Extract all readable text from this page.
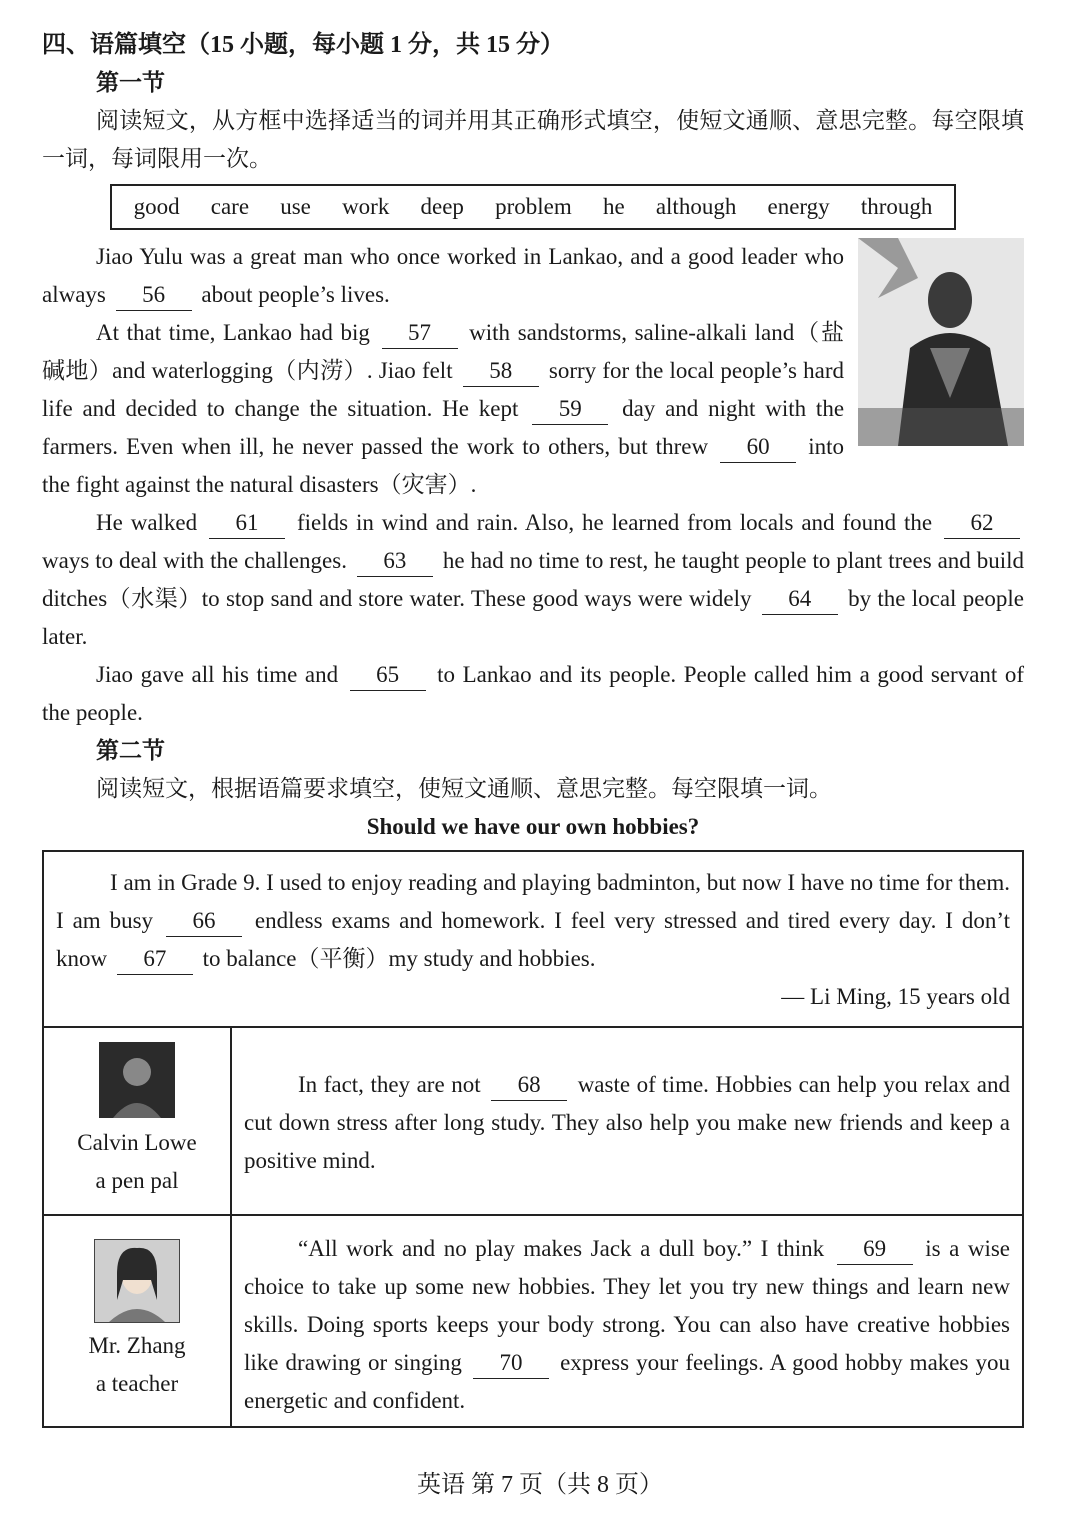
四、语篇填空（15 小题，每小题 1 分，共 15 分）
第一节
阅读短文，从方框中选择适当的词并用其正确形式填空，使短文通顺、意思完整。每空限填一词，每词限用一次。
good care use work deep problem he although energy through

Jiao Yulu was a great man who once worked in Lankao, and a good leader who always 56 about people’s lives.

At that time, Lankao had big 57 with sandstorms, saline-alkali land（盐碱地）and waterlogging（内涝）. Jiao felt 58 sorry for the local people’s hard life and decided to change the situation. He kept 59 day and night with the farmers. Even when ill, he never passed the work to others, but threw 60 into the fight against the natural disasters（灾害）.

He walked 61 fields in wind and rain. Also, he learned from locals and found the 62 ways to deal with the challenges. 63 he had no time to rest, he taught people to plant trees and build ditches（水渠）to stop sand and store water. These good ways were widely 64 by the local people later.

Jiao gave all his time and 65 to Lankao and its people. People called him a good servant of the people.

第二节
阅读短文，根据语篇要求填空，使短文通顺、意思完整。每空限填一词。
Should we have our own hobbies?

I am in Grade 9. I used to enjoy reading and playing badminton, but now I have no time for them. I am busy 66 endless exams and homework. I feel very stressed and tired every day. I don’t know 67 to balance（平衡）my study and hobbies.

— Li Ming, 15 years old
Calvin Lowe
a pen pal

In fact, they are not 68 waste of time. Hobbies can help you relax and cut down stress after long study. They also help you make new friends and keep a positive mind.

Mr. Zhang
a teacher

“All work and no play makes Jack a dull boy.” I think 69 is a wise choice to take up some new hobbies. They let you try new things and learn new skills. Doing sports keeps your body strong. You can also have creative hobbies like drawing or singing 70 express your feelings. A good hobby makes you energetic and confident.

英语 第 7 页（共 8 页）
